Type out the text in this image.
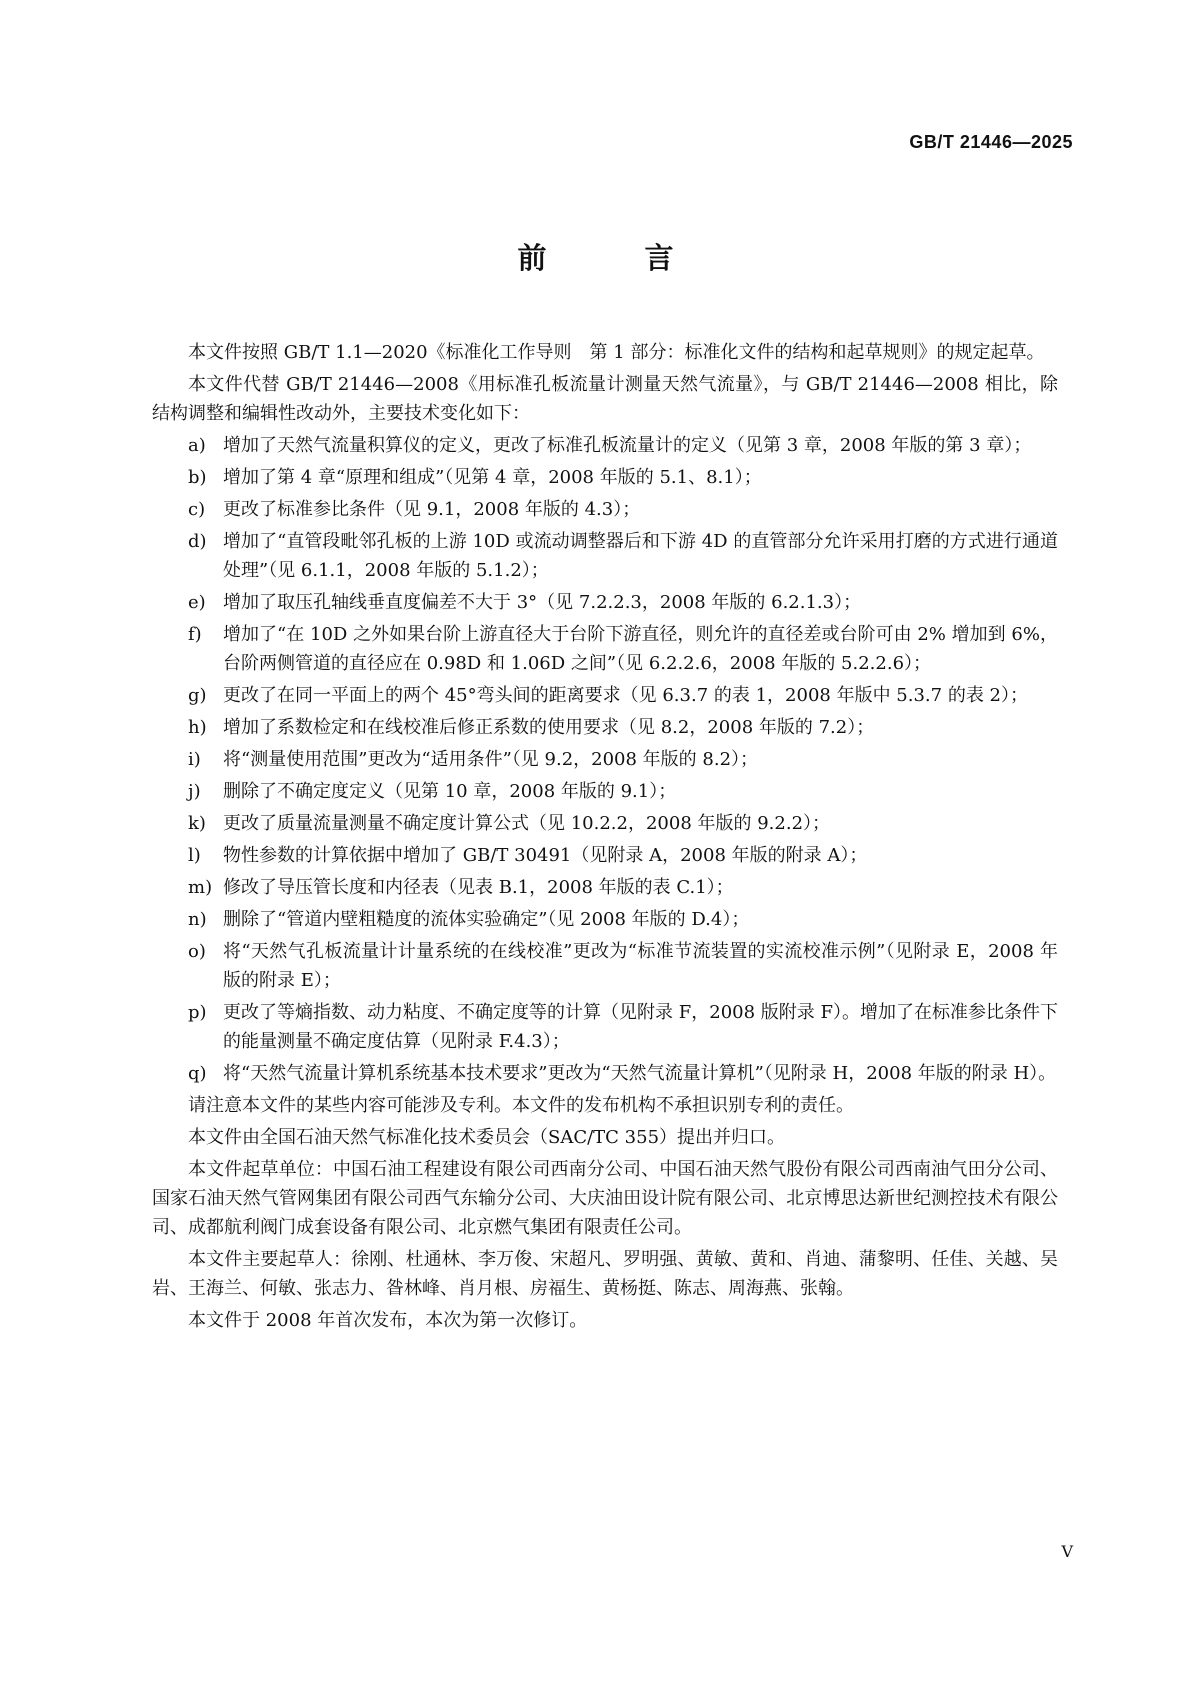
GB/T 21446—2025
前 言

本文件按照 GB/T 1.1—2020《标准化工作导则　第 1 部分：标准化文件的结构和起草规则》的规定起草。

本文件代替 GB/T 21446—2008《用标准孔板流量计测量天然气流量》，与 GB/T 21446—2008 相比，除结构调整和编辑性改动外，主要技术变化如下：

a) 增加了天然气流量积算仪的定义，更改了标准孔板流量计的定义（见第 3 章，2008 年版的第 3 章）；
b) 增加了第 4 章“原理和组成”（见第 4 章，2008 年版的 5.1、8.1）；
c) 更改了标准参比条件（见 9.1，2008 年版的 4.3）；
d) 增加了“直管段毗邻孔板的上游 10D 或流动调整器后和下游 4D 的直管部分允许采用打磨的方式进行通道处理”（见 6.1.1，2008 年版的 5.1.2）；
e) 增加了取压孔轴线垂直度偏差不大于 3°（见 7.2.2.3，2008 年版的 6.2.1.3）；
f) 增加了“在 10D 之外如果台阶上游直径大于台阶下游直径，则允许的直径差或台阶可由 2% 增加到 6%，台阶两侧管道的直径应在 0.98D 和 1.06D 之间”（见 6.2.2.6，2008 年版的 5.2.2.6）；
g) 更改了在同一平面上的两个 45°弯头间的距离要求（见 6.3.7 的表 1，2008 年版中 5.3.7 的表 2）；
h) 增加了系数检定和在线校准后修正系数的使用要求（见 8.2，2008 年版的 7.2）；
i) 将“测量使用范围”更改为“适用条件”（见 9.2，2008 年版的 8.2）；
j) 删除了不确定度定义（见第 10 章，2008 年版的 9.1）；
k) 更改了质量流量测量不确定度计算公式（见 10.2.2，2008 年版的 9.2.2）；
l) 物性参数的计算依据中增加了 GB/T 30491（见附录 A，2008 年版的附录 A）；
m) 修改了导压管长度和内径表（见表 B.1，2008 年版的表 C.1）；
n) 删除了“管道内壁粗糙度的流体实验确定”（见 2008 年版的 D.4）；
o) 将“天然气孔板流量计计量系统的在线校准”更改为“标准节流装置的实流校准示例”（见附录 E，2008 年版的附录 E）；
p) 更改了等熵指数、动力粘度、不确定度等的计算（见附录 F，2008 版附录 F）。增加了在标准参比条件下的能量测量不确定度估算（见附录 F.4.3）；
q) 将“天然气流量计算机系统基本技术要求”更改为“天然气流量计算机”（见附录 H，2008 年版的附录 H）。

请注意本文件的某些内容可能涉及专利。本文件的发布机构不承担识别专利的责任。

本文件由全国石油天然气标准化技术委员会（SAC/TC 355）提出并归口。

本文件起草单位：中国石油工程建设有限公司西南分公司、中国石油天然气股份有限公司西南油气田分公司、国家石油天然气管网集团有限公司西气东输分公司、大庆油田设计院有限公司、北京博思达新世纪测控技术有限公司、成都航利阀门成套设备有限公司、北京燃气集团有限责任公司。

本文件主要起草人：徐刚、杜通林、李万俊、宋超凡、罗明强、黄敏、黄和、肖迪、蒲黎明、任佳、关越、吴岩、王海兰、何敏、张志力、昝林峰、肖月根、房福生、黄杨挺、陈志、周海燕、张翰。

本文件于 2008 年首次发布，本次为第一次修订。

V
